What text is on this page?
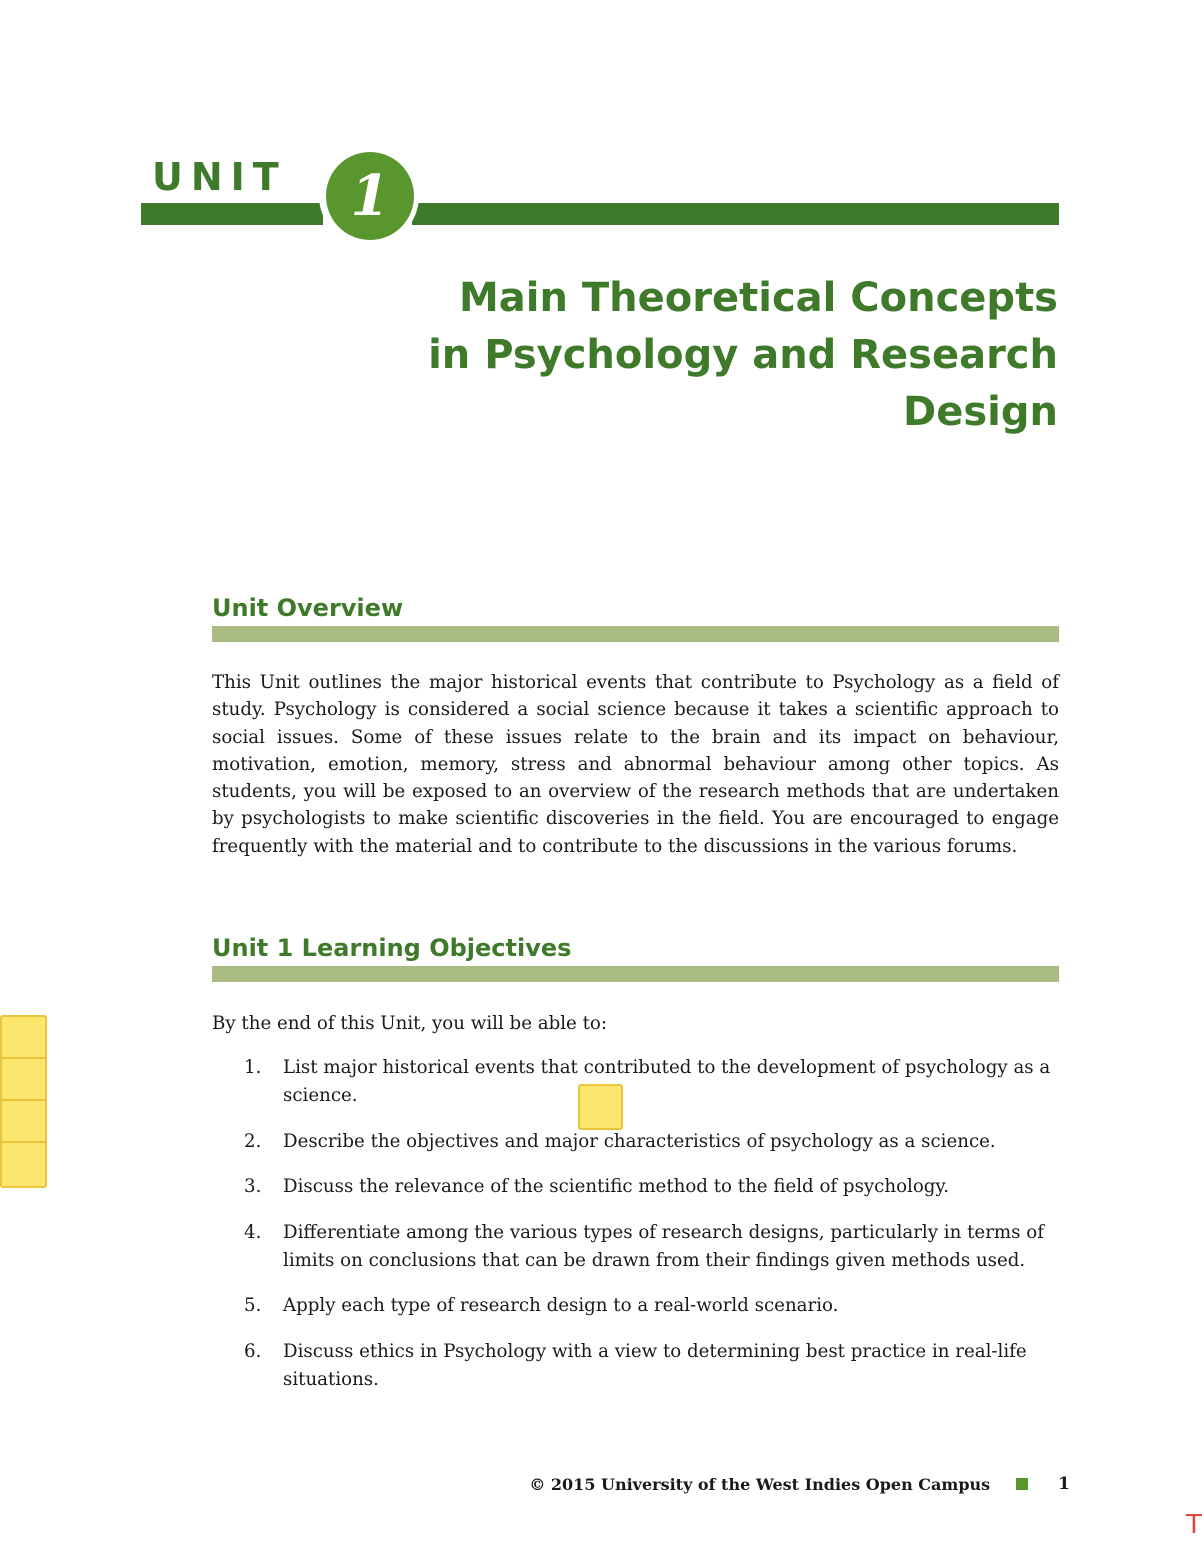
UNIT 1
Main Theoretical Concepts
in Psychology and Research
Design
Unit Overview
This Unit outlines the major historical events that contribute to Psychology as a field of study. Psychology is considered a social science because it takes a scientific approach to social issues. Some of these issues relate to the brain and its impact on behaviour, motivation, emotion, memory, stress and abnormal behaviour among other topics. As students, you will be exposed to an overview of the research methods that are undertaken by psychologists to make scientific discoveries in the field. You are encouraged to engage frequently with the material and to contribute to the discussions in the various forums.
Unit 1 Learning Objectives
By the end of this Unit, you will be able to:
1.	List major historical events that contributed to the development of psychology as a science.
2.	Describe the objectives and major characteristics of psychology as a science.
3.	Discuss the relevance of the scientific method to the field of psychology.
4.	Differentiate among the various types of research designs, particularly in terms of limits on conclusions that can be drawn from their findings given methods used.
5.	Apply each type of research design to a real-world scenario.
6.	Discuss ethics in Psychology with a view to determining best practice in real-life situations.
© 2015 University of the West Indies Open Campus	1
T
